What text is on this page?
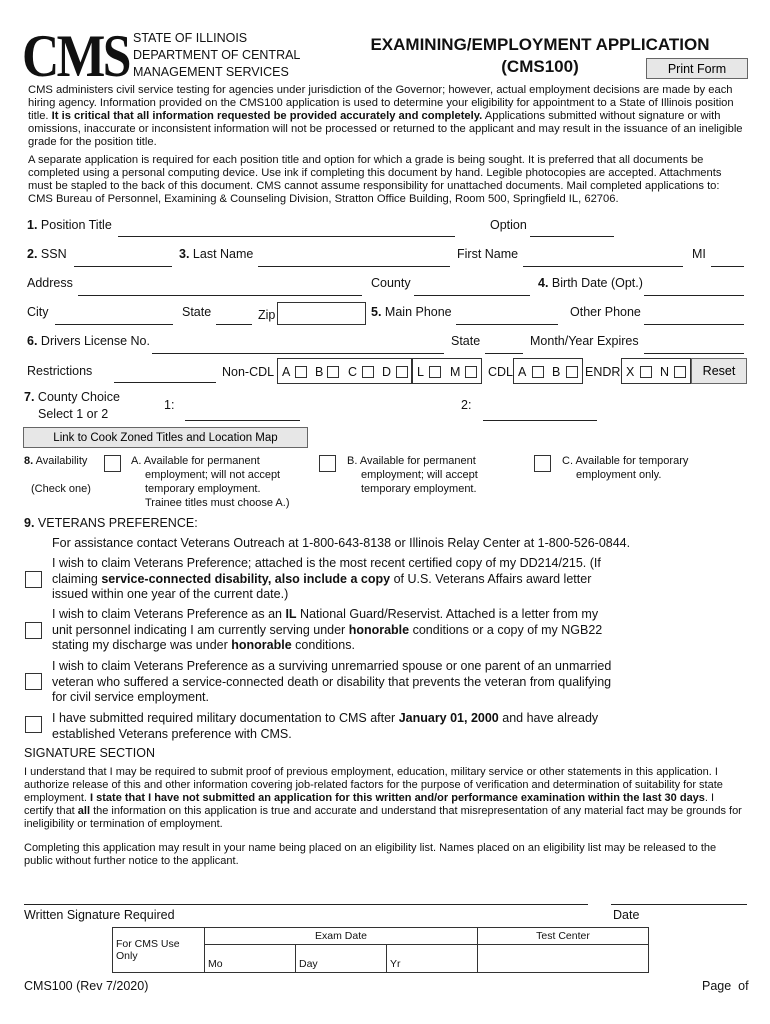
CMS STATE OF ILLINOIS
DEPARTMENT OF CENTRAL
MANAGEMENT SERVICES
EXAMINING/EMPLOYMENT APPLICATION
(CMS100)	Print Form
CMS administers civil service testing for agencies under jurisdiction of the Governor; however, actual employment decisions are made by each hiring agency. Information provided on the CMS100 application is used to determine your eligibility for appointment to a State of Illinois position title. It is critical that all information requested be provided accurately and completely. Applications submitted without signature or with omissions, inaccurate or inconsistent information will not be processed or returned to the applicant and may result in the issuance of an ineligible grade for the position title.
A separate application is required for each position title and option for which a grade is being sought. It is preferred that all documents be completed using a personal computing device. Use ink if completing this document by hand. Legible photocopies are accepted. Attachments must be stapled to the back of this document. CMS cannot assume responsibility for unattached documents. Mail completed applications to: CMS Bureau of Personnel, Examining & Counseling Division, Stratton Office Building, Room 500, Springfield IL, 62706.
1. Position Title	Option
2. SSN	3. Last Name	First Name	MI
Address	County	4. Birth Date (Opt.)
City	State	Zip	5. Main Phone	Other Phone
6. Drivers License No.	State	Month/Year Expires
Restrictions	Non-CDL A B C D L M CDL A B ENDR X N	Reset
7. County Choice
Select 1 or 2
1:	2:
Link to Cook Zoned Titles and Location Map
8. Availability
(Check one)
A. Available for permanent
employment; will not accept
temporary employment.
Trainee titles must choose A.)
B. Available for permanent
employment; will accept
temporary employment.
C. Available for temporary
employment only.
9. VETERANS PREFERENCE:
For assistance contact Veterans Outreach at 1-800-643-8138 or Illinois Relay Center at 1-800-526-0844.
I wish to claim Veterans Preference; attached is the most recent certified copy of my DD214/215. (If claiming service-connected disability, also include a copy of U.S. Veterans Affairs award letter issued within one year of the current date.)
I wish to claim Veterans Preference as an IL National Guard/Reservist. Attached is a letter from my unit personnel indicating I am currently serving under honorable conditions or a copy of my NGB22 stating my discharge was under honorable conditions.
I wish to claim Veterans Preference as a surviving unremarried spouse or one parent of an unmarried veteran who suffered a service-connected death or disability that prevents the veteran from qualifying for civil service employment.
I have submitted required military documentation to CMS after January 01, 2000 and have already established Veterans preference with CMS.
SIGNATURE SECTION
I understand that I may be required to submit proof of previous employment, education, military service or other statements in this application. I authorize release of this and other information covering job-related factors for the purpose of verification and determination of suitability for state employment. I state that I have not submitted an application for this written and/or performance examination within the last 30 days. I certify that all the information on this application is true and accurate and understand that misrepresentation of any material fact may be grounds for ineligibility or termination of employment.
Completing this application may result in your name being placed on an eligibility list. Names placed on an eligibility list may be released to the public without further notice to the applicant.
Written Signature Required	Date
For CMS Use Only	Exam Date			Test Center
	Mo	Day	Yr	
CMS100 (Rev 7/2020)	Page of
